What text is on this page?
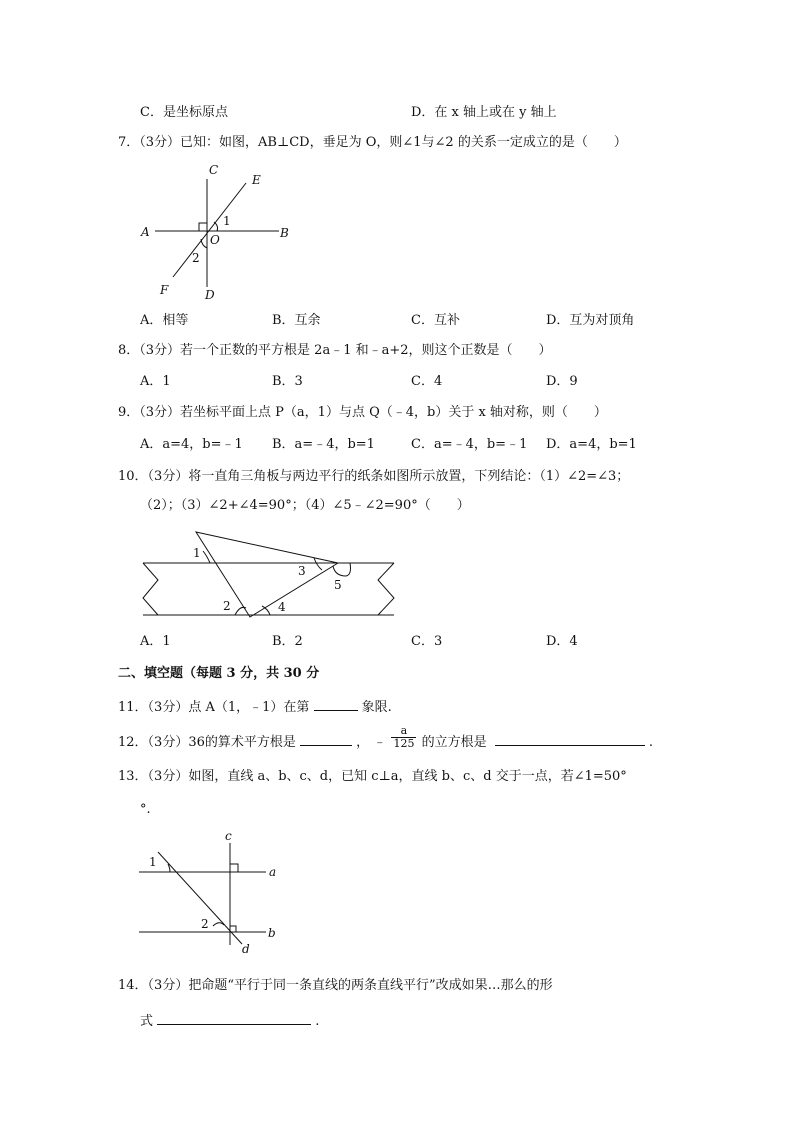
C．是坐标原点	D．在 x 轴上或在 y 轴上
7．（3分）已知：如图，AB⊥CD，垂足为 O，则∠1与∠2 的关系一定成立的是（　　）
C
E
A
O	B
1
2
F	D
A．相等	B．互余	C．互补	D．互为对顶角
8．（3分）若一个正数的平方根是 2a﹣1 和﹣a+2，则这个正数是（　　）
A．1	B．3	C．4	D．9
9．（3分）若坐标平面上点 P（a，1）与点 Q（﹣4，b）关于 x 轴对称，则（　　）
A．a=4，b=﹣1 B．a=﹣4，b=1	C．a=﹣4，b=﹣1 D．a=4，b=1
10．（3分）将一直角三角板与两边平行的纸条如图所示放置，下列结论：（1）∠2=∠3；
（2）；（3）∠2+∠4=90°；（4）∠5﹣∠2=90°（　　）
1
2
3
4
5
A．1	B．2	C．3	D．4
二、填空题（每题 3 分，共 30 分
11．（3分）点 A（1，﹣1）在第	象限.
12．（3分）36的算术平方根是	， ﹣ $\frac{a}{125}$ 的立方根是	.
13．（3分）如图，直线 a、b、c、d，已知 c⊥a，直线 b、c、d 交于一点，若∠1=50°
°.
c
1
a
2
b
d
14．（3分）把命题“平行于同一条直线的两条直线平行”改成如果…那么的形
式	.
